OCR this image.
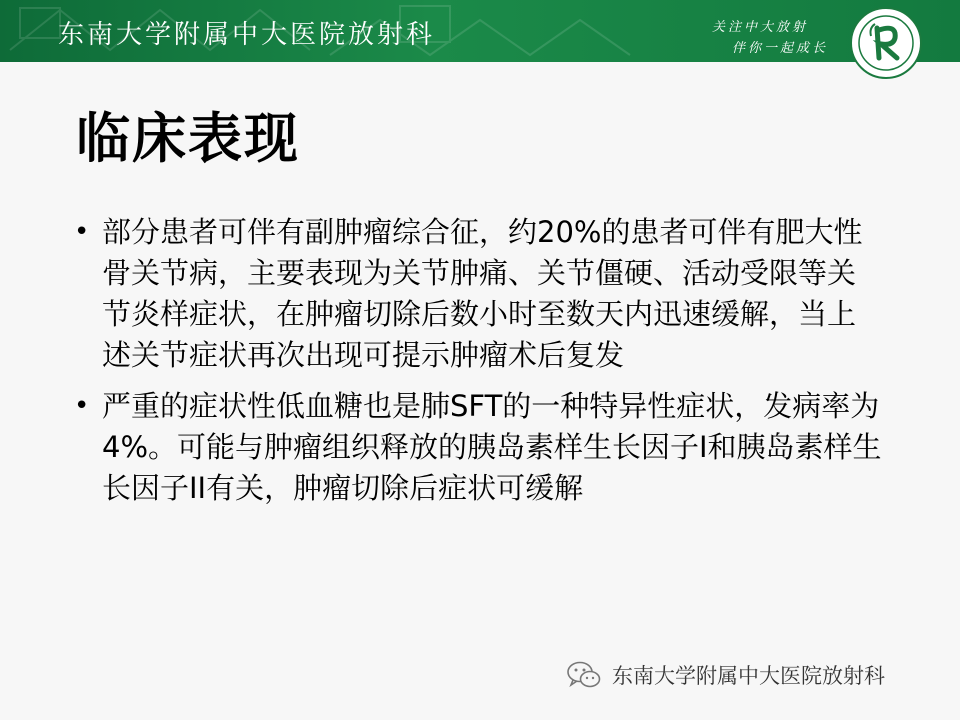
东南大学附属中大医院放射科	关注中大放射
伴你一起成长
临床表现
• 部分患者可伴有副肿瘤综合征，约20%的患者可伴有肥大性骨关节病，主要表现为关节肿痛、关节僵硬、活动受限等关节炎样症状，在肿瘤切除后数小时至数天内迅速缓解，当上述关节症状再次出现可提示肿瘤术后复发
• 严重的症状性低血糖也是肺SFT的一种特异性症状，发病率为4%。可能与肿瘤组织释放的胰岛素样生长因子I和胰岛素样生长因子II有关，肿瘤切除后症状可缓解
东南大学附属中大医院放射科
